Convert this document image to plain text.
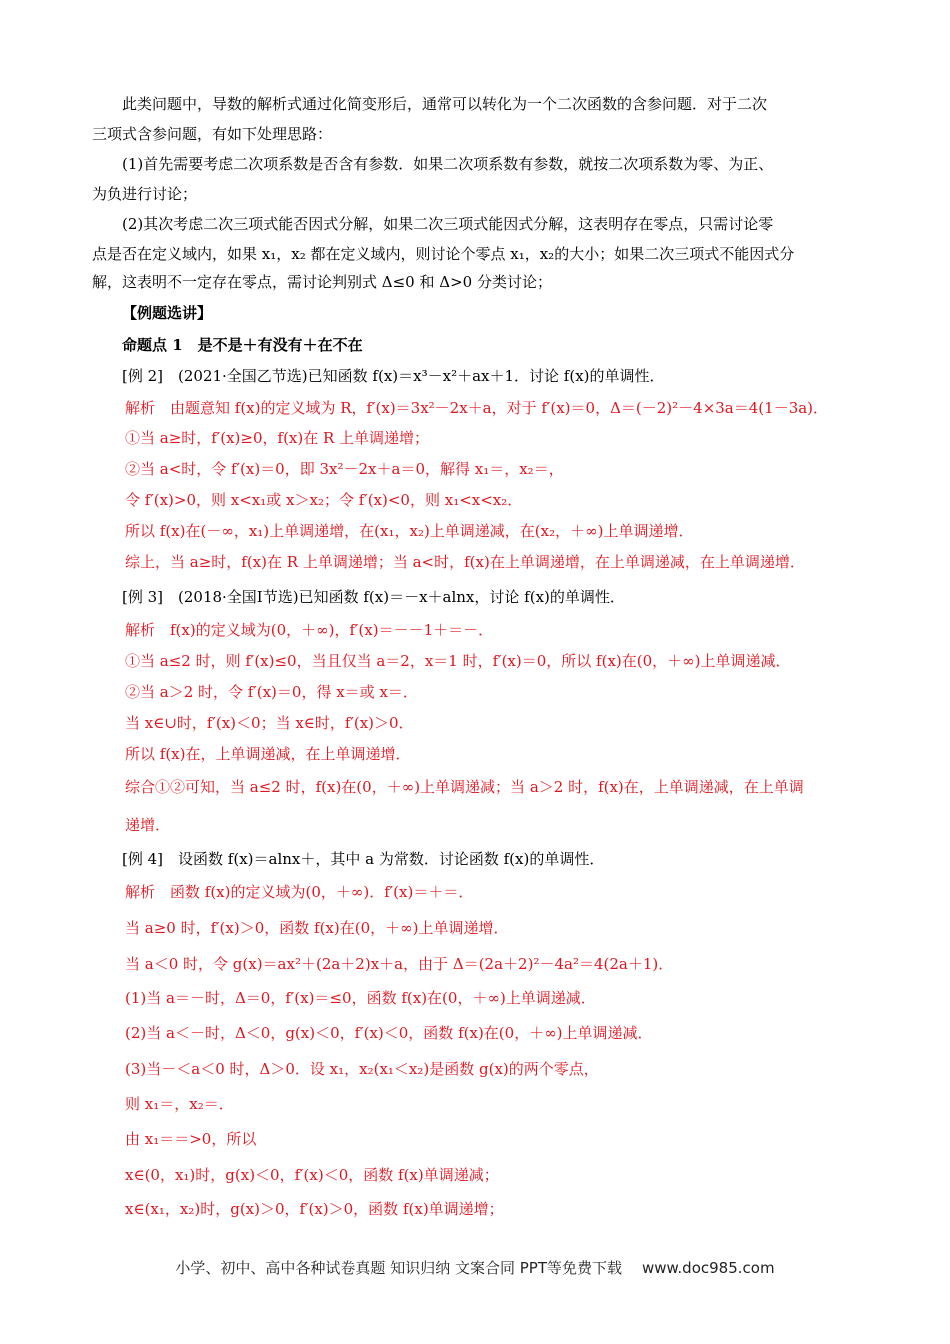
此类问题中，导数的解析式通过化简变形后，通常可以转化为一个二次函数的含参问题．对于二次
三项式含参问题，有如下处理思路：
(1)首先需要考虑二次项系数是否含有参数．如果二次项系数有参数，就按二次项系数为零、为正、
为负进行讨论；
(2)其次考虑二次三项式能否因式分解，如果二次三项式能因式分解，这表明存在零点，只需讨论零
点是否在定义域内，如果 x₁，x₂ 都在定义域内，则讨论个零点 x₁，x₂的大小；如果二次三项式不能因式分
解，这表明不一定存在零点，需讨论判别式 Δ≤0 和 Δ>0 分类讨论；
【例题选讲】
命题点 1　是不是＋有没有＋在不在
[例 2]　(2021·全国乙节选)已知函数 f(x)＝x³－x²＋ax＋1．讨论 f(x)的单调性．
解析　由题意知 f(x)的定义域为 R，f′(x)＝3x²－2x＋a，对于 f′(x)＝0，Δ＝(－2)²－4×3a＝4(1－3a)．
①当 a≥时，f′(x)≥0，f(x)在 R 上单调递增；
②当 a<时，令 f′(x)＝0，即 3x²－2x＋a＝0，解得 x₁＝，x₂＝，
令 f′(x)>0，则 x<x₁或 x＞x₂；令 f′(x)<0，则 x₁<x<x₂．
所以 f(x)在(－∞，x₁)上单调递增，在(x₁，x₂)上单调递减，在(x₂，＋∞)上单调递增．
综上，当 a≥时，f(x)在 R 上单调递增；当 a<时，f(x)在上单调递增，在上单调递减，在上单调递增．
[例 3]　(2018·全国Ⅰ节选)已知函数 f(x)＝－x＋alnx，讨论 f(x)的单调性．
解析　f(x)的定义域为(0，＋∞)，f′(x)＝－－1＋＝－．
①当 a≤2 时，则 f′(x)≤0，当且仅当 a＝2，x＝1 时，f′(x)＝0，所以 f(x)在(0，＋∞)上单调递减．
②当 a＞2 时，令 f′(x)＝0，得 x＝或 x＝．
当 x∈∪时，f′(x)＜0；当 x∈时，f′(x)＞0．
所以 f(x)在，上单调递减，在上单调递增．
综合①②可知，当 a≤2 时，f(x)在(0，＋∞)上单调递减；当 a＞2 时，f(x)在，上单调递减，在上单调
递增．
[例 4]　设函数 f(x)＝alnx＋，其中 a 为常数．讨论函数 f(x)的单调性．
解析　函数 f(x)的定义域为(0，＋∞)．f′(x)＝＋＝．
当 a≥0 时，f′(x)＞0，函数 f(x)在(0，＋∞)上单调递增．
当 a＜0 时，令 g(x)＝ax²＋(2a＋2)x＋a，由于 Δ＝(2a＋2)²－4a²＝4(2a＋1)．
(1)当 a＝－时，Δ＝0，f′(x)＝≤0，函数 f(x)在(0，＋∞)上单调递减．
(2)当 a＜－时，Δ＜0，g(x)＜0，f′(x)＜0，函数 f(x)在(0，＋∞)上单调递减．
(3)当－＜a＜0 时，Δ＞0．设 x₁，x₂(x₁＜x₂)是函数 g(x)的两个零点，
则 x₁＝，x₂＝．
由 x₁＝＝>0，所以
x∈(0，x₁)时，g(x)＜0，f′(x)＜0，函数 f(x)单调递减；
x∈(x₁，x₂)时，g(x)＞0，f′(x)＞0，函数 f(x)单调递增；
小学、初中、高中各种试卷真题 知识归纳 文案合同 PPT等免费下载 www.doc985.com
